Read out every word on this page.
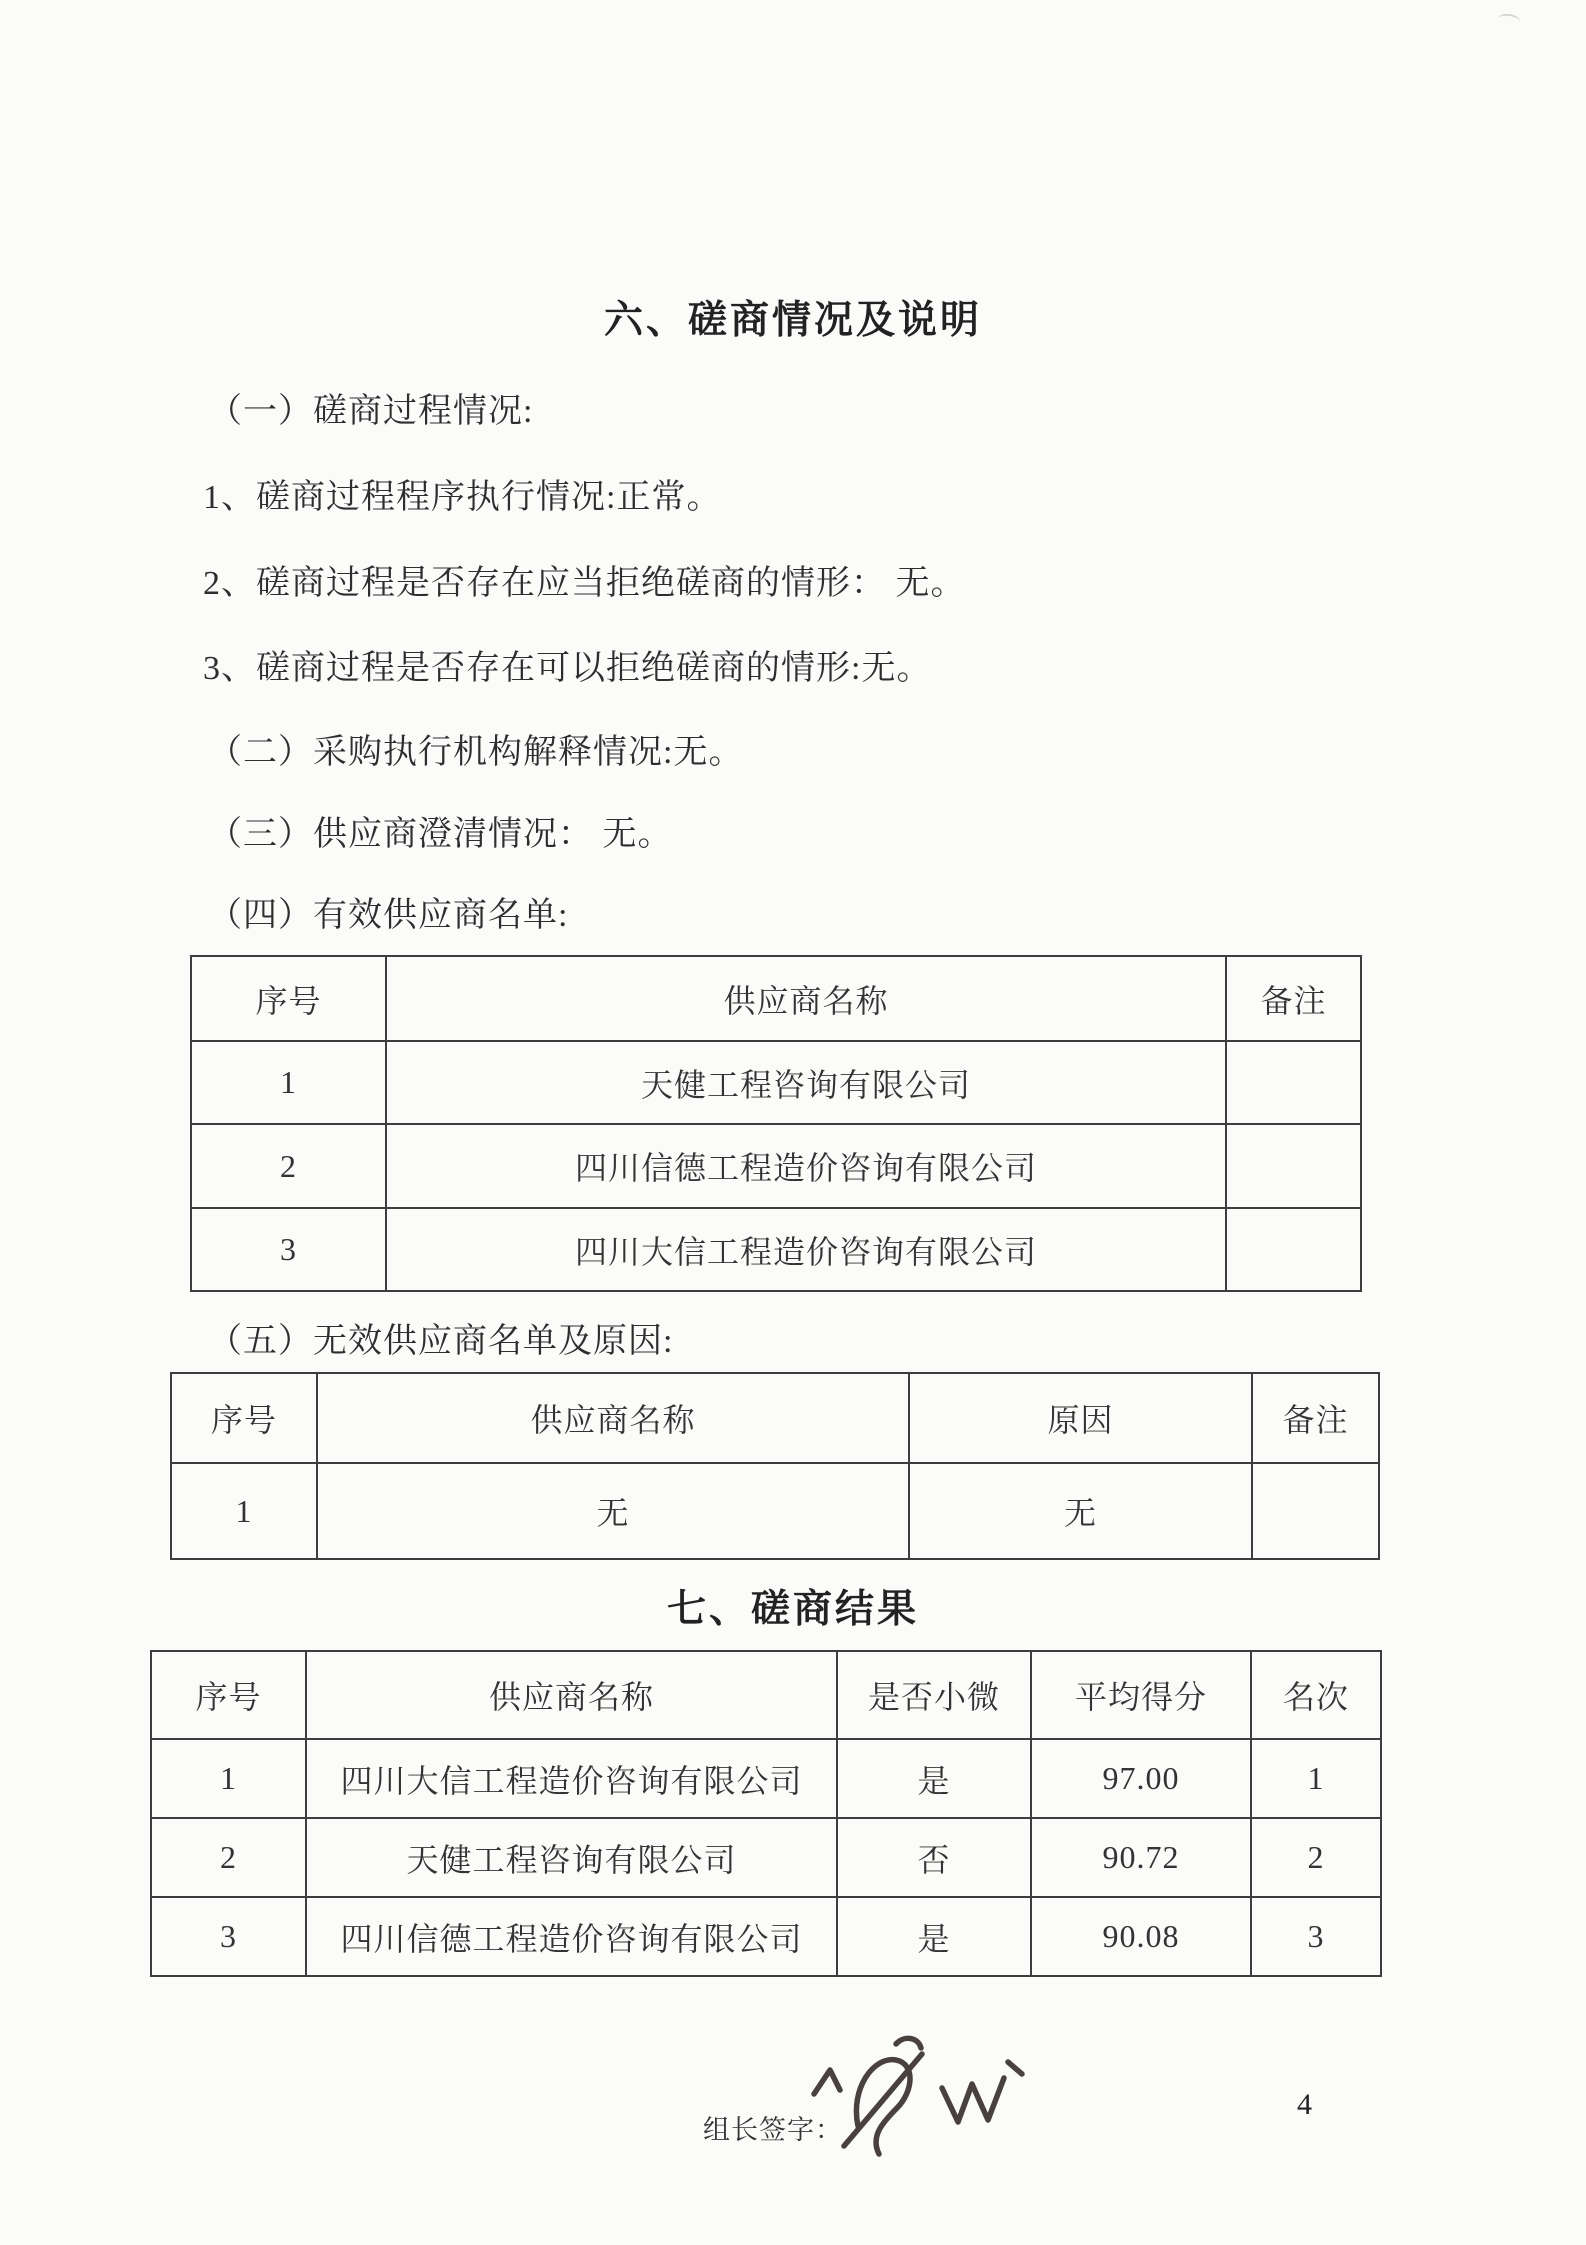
六、磋商情况及说明
（一）磋商过程情况:
1、磋商过程程序执行情况:正常。
2、磋商过程是否存在应当拒绝磋商的情形： 无。
3、磋商过程是否存在可以拒绝磋商的情形:无。
（二）采购执行机构解释情况:无。
（三）供应商澄清情况： 无。
（四）有效供应商名单:
序号	供应商名称	备注
1	天健工程咨询有限公司	
2	四川信德工程造价咨询有限公司	
3	四川大信工程造价咨询有限公司	
（五）无效供应商名单及原因:
序号	供应商名称	原因	备注
1	无	无	
七、磋商结果
序号	供应商名称	是否小微	平均得分	名次
1	四川大信工程造价咨询有限公司	是	97.00	1
2	天健工程咨询有限公司	否	90.72	2
3	四川信德工程造价咨询有限公司	是	90.08	3
组长签字：
4
